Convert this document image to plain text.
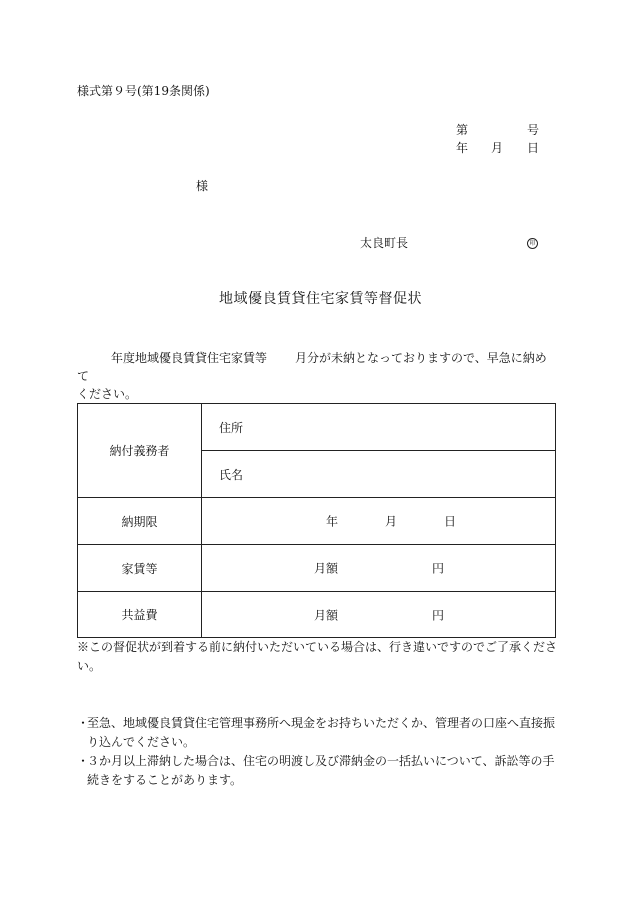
様式第９号(第19条関係)
第	号
年 月 日
様
太良町長	印
地域優良賃貸住宅家賃等督促状
年度地域優良賃貸住宅家賃等 月分が未納となっておりますので、早急に納めて
ください。
納付義務者	住所
	氏名
納期限	年 月 日

家賃等	月額 円

共益費	月額 円
※この督促状が到着する前に納付いただいている場合は、行き違いですのでご了承くださ
い。
・
至急、地域優良賃貸住宅管理事務所へ現金をお持ちいただくか、管理者の口座へ直接振
り込んでください。
・
３か月以上滞納した場合は、住宅の明渡し及び滞納金の一括払いについて、訴訟等の手
続きをすることがあります。
